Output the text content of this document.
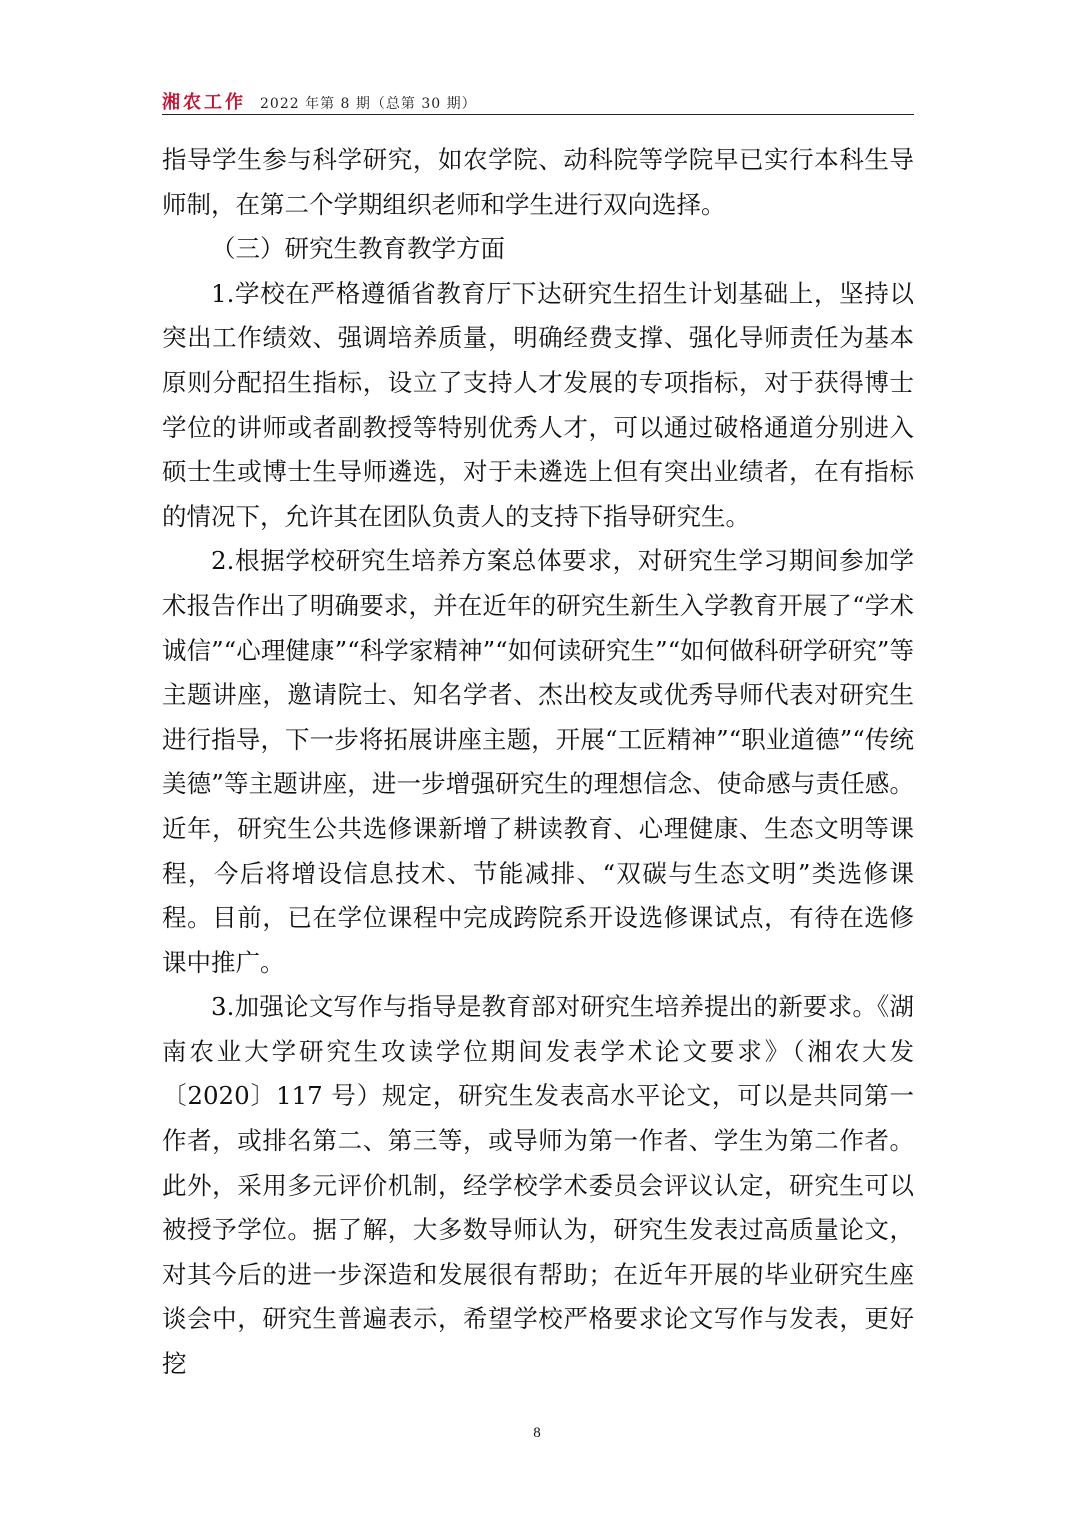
湘农工作 2022 年第 8 期（总第 30 期）

指导学生参与科学研究，如农学院、动科院等学院早已实行本科生导师制，在第二个学期组织老师和学生进行双向选择。

（三）研究生教育教学方面

1.学校在严格遵循省教育厅下达研究生招生计划基础上，坚持以突出工作绩效、强调培养质量，明确经费支撑、强化导师责任为基本原则分配招生指标，设立了支持人才发展的专项指标，对于获得博士学位的讲师或者副教授等特别优秀人才，可以通过破格通道分别进入硕士生或博士生导师遴选，对于未遴选上但有突出业绩者，在有指标的情况下，允许其在团队负责人的支持下指导研究生。

2.根据学校研究生培养方案总体要求，对研究生学习期间参加学术报告作出了明确要求，并在近年的研究生新生入学教育开展了“学术诚信”“心理健康”“科学家精神”“如何读研究生”“如何做科研学研究”等主题讲座，邀请院士、知名学者、杰出校友或优秀导师代表对研究生进行指导，下一步将拓展讲座主题，开展“工匠精神”“职业道德”“传统美德”等主题讲座，进一步增强研究生的理想信念、使命感与责任感。近年，研究生公共选修课新增了耕读教育、心理健康、生态文明等课程，今后将增设信息技术、节能减排、“双碳与生态文明”类选修课程。目前，已在学位课程中完成跨院系开设选修课试点，有待在选修课中推广。

3.加强论文写作与指导是教育部对研究生培养提出的新要求。《湖南农业大学研究生攻读学位期间发表学术论文要求》（湘农大发〔2020〕117 号）规定，研究生发表高水平论文，可以是共同第一作者，或排名第二、第三等，或导师为第一作者、学生为第二作者。此外，采用多元评价机制，经学校学术委员会评议认定，研究生可以被授予学位。据了解，大多数导师认为，研究生发表过高质量论文，对其今后的进一步深造和发展很有帮助；在近年开展的毕业研究生座谈会中，研究生普遍表示，希望学校严格要求论文写作与发表，更好挖

8
